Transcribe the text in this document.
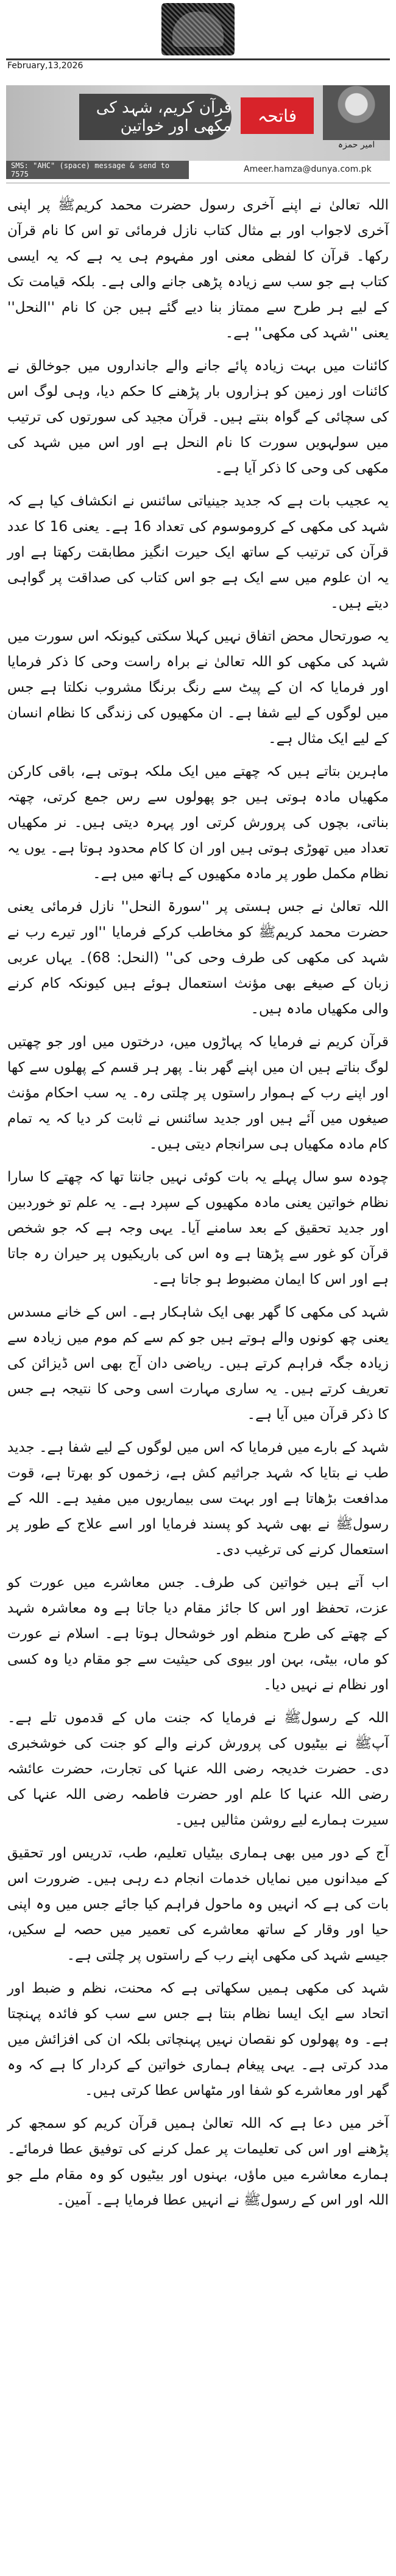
February,13,2026
قرآن کریم، شہد کی مکھی اور خواتین
فاتحہ
امیر حمزہ
SMS: "AHC" (space) message & send to 7575	Ameer.hamza@dunya.com.pk

اللہ تعالیٰ نے اپنے آخری رسول حضرت محمد کریمﷺ پر اپنی آخری لاجواب اور بے مثال کتاب نازل فرمائی تو اس کا نام قرآن رکھا۔ قرآن کا لفظی معنی اور مفہوم ہی یہ ہے کہ یہ ایسی کتاب ہے جو سب سے زیادہ پڑھی جانے والی ہے۔ بلکہ قیامت تک کے لیے ہر طرح سے ممتاز بنا دیے گئے ہیں جن کا نام ''النحل'' یعنی ''شہد کی مکھی'' ہے۔

کائنات میں بہت زیادہ پائے جانے والے جانداروں میں جوخالق نے کائنات اور زمین کو ہزاروں بار پڑھنے کا حکم دیا، وہی لوگ اس کی سچائی کے گواہ بنتے ہیں۔ قرآن مجید کی سورتوں کی ترتیب میں سولہویں سورت کا نام النحل ہے اور اس میں شہد کی مکھی کی وحی کا ذکر آیا ہے۔

یہ عجیب بات ہے کہ جدید جینیاتی سائنس نے انکشاف کیا ہے کہ شہد کی مکھی کے کروموسوم کی تعداد 16 ہے۔ یعنی 16 کا عدد قرآن کی ترتیب کے ساتھ ایک حیرت انگیز مطابقت رکھتا ہے اور یہ ان علوم میں سے ایک ہے جو اس کتاب کی صداقت پر گواہی دیتے ہیں۔

یہ صورتحال محض اتفاق نہیں کہلا سکتی کیونکہ اس سورت میں شہد کی مکھی کو اللہ تعالیٰ نے براہ راست وحی کا ذکر فرمایا اور فرمایا کہ ان کے پیٹ سے رنگ برنگا مشروب نکلتا ہے جس میں لوگوں کے لیے شفا ہے۔ ان مکھیوں کی زندگی کا نظام انسان کے لیے ایک مثال ہے۔

ماہرین بتاتے ہیں کہ چھتے میں ایک ملکہ ہوتی ہے، باقی کارکن مکھیاں مادہ ہوتی ہیں جو پھولوں سے رس جمع کرتی، چھتہ بناتی، بچوں کی پرورش کرتی اور پہرہ دیتی ہیں۔ نر مکھیاں تعداد میں تھوڑی ہوتی ہیں اور ان کا کام محدود ہوتا ہے۔ یوں یہ نظام مکمل طور پر مادہ مکھیوں کے ہاتھ میں ہے۔

اللہ تعالیٰ نے جس ہستی پر ''سورۃ النحل'' نازل فرمائی یعنی حضرت محمد کریمﷺ کو مخاطب کرکے فرمایا ''اور تیرے رب نے شہد کی مکھی کی طرف وحی کی'' (النحل: 68)۔ یہاں عربی زبان کے صیغے بھی مؤنث استعمال ہوئے ہیں کیونکہ کام کرنے والی مکھیاں مادہ ہیں۔

قرآن کریم نے فرمایا کہ پہاڑوں میں، درختوں میں اور جو چھتیں لوگ بناتے ہیں ان میں اپنے گھر بنا۔ پھر ہر قسم کے پھلوں سے کھا اور اپنے رب کے ہموار راستوں پر چلتی رہ۔ یہ سب احکام مؤنث صیغوں میں آئے ہیں اور جدید سائنس نے ثابت کر دیا کہ یہ تمام کام مادہ مکھیاں ہی سرانجام دیتی ہیں۔

چودہ سو سال پہلے یہ بات کوئی نہیں جانتا تھا کہ چھتے کا سارا نظام خواتین یعنی مادہ مکھیوں کے سپرد ہے۔ یہ علم تو خوردبین اور جدید تحقیق کے بعد سامنے آیا۔ یہی وجہ ہے کہ جو شخص قرآن کو غور سے پڑھتا ہے وہ اس کی باریکیوں پر حیران رہ جاتا ہے اور اس کا ایمان مضبوط ہو جاتا ہے۔

شہد کی مکھی کا گھر بھی ایک شاہکار ہے۔ اس کے خانے مسدس یعنی چھ کونوں والے ہوتے ہیں جو کم سے کم موم میں زیادہ سے زیادہ جگہ فراہم کرتے ہیں۔ ریاضی دان آج بھی اس ڈیزائن کی تعریف کرتے ہیں۔ یہ ساری مہارت اسی وحی کا نتیجہ ہے جس کا ذکر قرآن میں آیا ہے۔

شہد کے بارے میں فرمایا کہ اس میں لوگوں کے لیے شفا ہے۔ جدید طب نے بتایا کہ شہد جراثیم کش ہے، زخموں کو بھرتا ہے، قوت مدافعت بڑھاتا ہے اور بہت سی بیماریوں میں مفید ہے۔ اللہ کے رسولﷺ نے بھی شہد کو پسند فرمایا اور اسے علاج کے طور پر استعمال کرنے کی ترغیب دی۔

اب آتے ہیں خواتین کی طرف۔ جس معاشرے میں عورت کو عزت، تحفظ اور اس کا جائز مقام دیا جاتا ہے وہ معاشرہ شہد کے چھتے کی طرح منظم اور خوشحال ہوتا ہے۔ اسلام نے عورت کو ماں، بیٹی، بہن اور بیوی کی حیثیت سے جو مقام دیا وہ کسی اور نظام نے نہیں دیا۔

اللہ کے رسولﷺ نے فرمایا کہ جنت ماں کے قدموں تلے ہے۔ آپﷺ نے بیٹیوں کی پرورش کرنے والے کو جنت کی خوشخبری دی۔ حضرت خدیجہ رضی اللہ عنہا کی تجارت، حضرت عائشہ رضی اللہ عنہا کا علم اور حضرت فاطمہ رضی اللہ عنہا کی سیرت ہمارے لیے روشن مثالیں ہیں۔

آج کے دور میں بھی ہماری بیٹیاں تعلیم، طب، تدریس اور تحقیق کے میدانوں میں نمایاں خدمات انجام دے رہی ہیں۔ ضرورت اس بات کی ہے کہ انہیں وہ ماحول فراہم کیا جائے جس میں وہ اپنی حیا اور وقار کے ساتھ معاشرے کی تعمیر میں حصہ لے سکیں، جیسے شہد کی مکھی اپنے رب کے راستوں پر چلتی ہے۔

شہد کی مکھی ہمیں سکھاتی ہے کہ محنت، نظم و ضبط اور اتحاد سے ایک ایسا نظام بنتا ہے جس سے سب کو فائدہ پہنچتا ہے۔ وہ پھولوں کو نقصان نہیں پہنچاتی بلکہ ان کی افزائش میں مدد کرتی ہے۔ یہی پیغام ہماری خواتین کے کردار کا ہے کہ وہ گھر اور معاشرے کو شفا اور مٹھاس عطا کرتی ہیں۔

آخر میں دعا ہے کہ اللہ تعالیٰ ہمیں قرآن کریم کو سمجھ کر پڑھنے اور اس کی تعلیمات پر عمل کرنے کی توفیق عطا فرمائے۔ ہمارے معاشرے میں ماؤں، بہنوں اور بیٹیوں کو وہ مقام ملے جو اللہ اور اس کے رسولﷺ نے انہیں عطا فرمایا ہے۔ آمین۔
